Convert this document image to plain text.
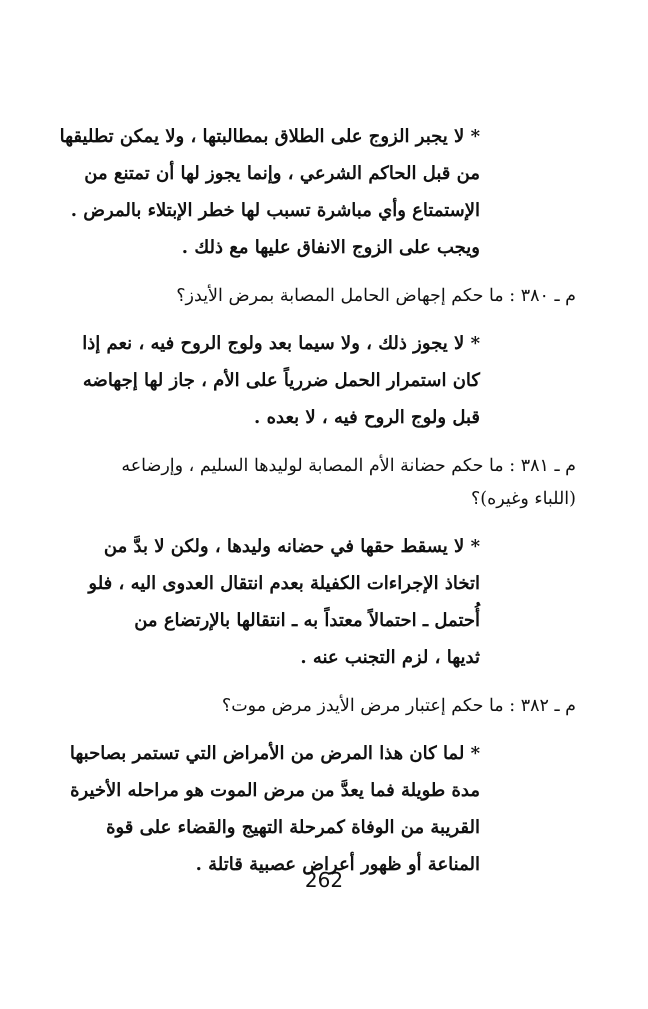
* لا يجبر الزوج على الطلاق بمطالبتها ، ولا يمكن تطليقها
من قبل الحاكم الشرعي ، وإنما يجوز لها أن تمتنع من
الإستمتاع وأي مباشرة تسبب لها خطر الإبتلاء بالمرض .
ويجب على الزوج الانفاق عليها مع ذلك .
م ـ ٣٨٠ : ما حكم إجهاض الحامل المصابة بمرض الأيدز؟
* لا يجوز ذلك ، ولا سيما بعد ولوج الروح فيه ، نعم إذا
كان استمرار الحمل ضررياً على الأم ، جاز لها إجهاضه
قبل ولوج الروح فيه ، لا بعده .
م ـ ٣٨١ : ما حكم حضانة الأم المصابة لوليدها السليم ، وإرضاعه
(اللباء وغيره)؟
* لا يسقط حقها في حضانه وليدها ، ولكن لا بدَّ من
اتخاذ الإجراءات الكفيلة بعدم انتقال العدوى اليه ، فلو
أُحتمل ـ احتمالاً معتداً به ـ انتقالها بالإرتضاع من
ثديها ، لزم التجنب عنه .
م ـ ٣٨٢ : ما حكم إعتبار مرض الأيدز مرض موت؟
* لما كان هذا المرض من الأمراض التي تستمر بصاحبها
مدة طويلة فما يعدَّ من مرض الموت هو مراحله الأخيرة
القريبة من الوفاة كمرحلة التهيج والقضاء على قوة
المناعة أو ظهور أعراض عصبية قاتلة .
262
